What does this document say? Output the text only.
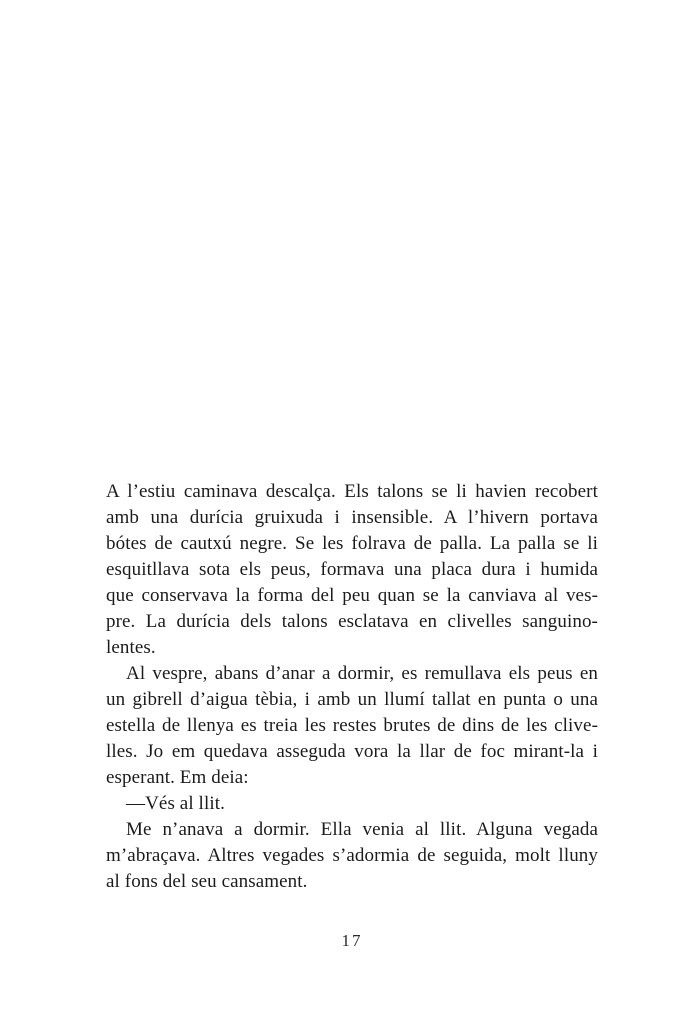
A l’estiu caminava descalça. Els talons se li havien recobert
amb una durícia gruixuda i insensible. A l’hivern portava
bótes de cautxú negre. Se les folrava de palla. La palla se li
esquitllava sota els peus, formava una placa dura i humida
que conservava la forma del peu quan se la canviava al ves-
pre. La durícia dels talons esclatava en clivelles sanguino-
lentes.
Al vespre, abans d’anar a dormir, es remullava els peus en
un gibrell d’aigua tèbia, i amb un llumí tallat en punta o una
estella de llenya es treia les restes brutes de dins de les clive-
lles. Jo em quedava asseguda vora la llar de foc mirant-la i
esperant. Em deia:
—Vés al llit.
Me n’anava a dormir. Ella venia al llit. Alguna vegada
m’abraçava. Altres vegades s’adormia de seguida, molt lluny
al fons del seu cansament.
17
